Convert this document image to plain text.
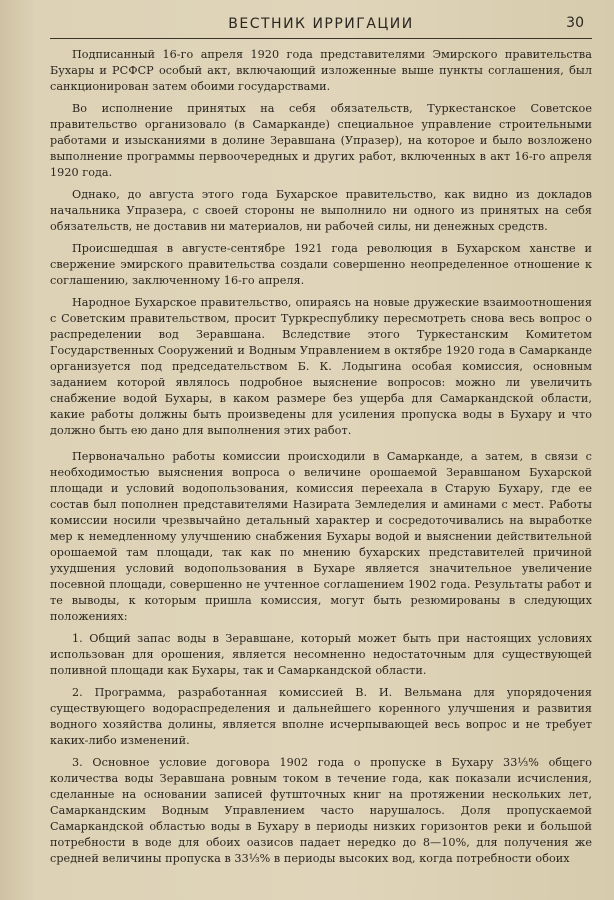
ВЕСТНИК ИРРИГАЦИИ	30

Подписанный 16-го апреля 1920 года представителями Эмирского правительства Бухары и РСФСР особый акт, включающий изложенные выше пункты соглашения, был санкционирован затем обоими государствами.

Во исполнение принятых на себя обязательств, Туркестанское Советское правительство организовало (в Самарканде) специальное управление строительными работами и изысканиями в долине Зеравшана (Упразер), на которое и было возложено выполнение программы первоочередных и других работ, включенных в акт 16-го апреля 1920 года.

Однако, до августа этого года Бухарское правительство, как видно из докладов начальника Упразера, с своей стороны не выполнило ни одного из принятых на себя обязательств, не доставив ни материалов, ни рабочей силы, ни денежных средств.

Происшедшая в августе-сентябре 1921 года революция в Бухарском ханстве и свержение эмирского правительства создали совершенно неопределенное отношение к соглашению, заключенному 16-го апреля.

Народное Бухарское правительство, опираясь на новые дружеские взаимоотношения с Советским правительством, просит Туркреспублику пересмотреть снова весь вопрос о распределении вод Зеравшана. Вследствие этого Туркестанским Комитетом Государственных Сооружений и Водным Управлением в октябре 1920 года в Самарканде организуется под председательством Б. К. Лодыгина особая комиссия, основным заданием которой являлось подробное выяснение вопросов: можно ли увеличить снабжение водой Бухары, в каком размере без ущерба для Самаркандской области, какие работы должны быть произведены для усиления пропуска воды в Бухару и что должно быть ею дано для выполнения этих работ.

Первоначально работы комиссии происходили в Самарканде, а затем, в связи с необходимостью выяснения вопроса о величине орошаемой Зеравшаном Бухарской площади и условий водопользования, комиссия переехала в Старую Бухару, где ее состав был пополнен представителями Назирата Земледелия и аминами с мест. Работы комиссии носили чрезвычайно детальный характер и сосредоточивались на выработке мер к немедленному улучшению снабжения Бухары водой и выяснении действительной орошаемой там площади, так как по мнению бухарских представителей причиной ухудшения условий водопользования в Бухаре является значительное увеличение посевной площади, совершенно не учтенное соглашением 1902 года. Результаты работ и те выводы, к которым пришла комиссия, могут быть резюмированы в следующих положениях:

1. Общий запас воды в Зеравшане, который может быть при настоящих условиях использован для орошения, является несомненно недостаточным для существующей поливной площади как Бухары, так и Самаркандской области.

2. Программа, разработанная комиссией В. И. Вельмана для упорядочения существующего водораспределения и дальнейшего коренного улучшения и развития водного хозяйства долины, является вполне исчерпывающей весь вопрос и не требует каких-либо изменений.

3. Основное условие договора 1902 года о пропуске в Бухару 33⅓% общего количества воды Зеравшана ровным током в течение года, как показали исчисления, сделанные на основании записей футшточных книг на протяжении нескольких лет, Самаркандским Водным Управлением часто нарушалось. Доля пропускаемой Самаркандской областью воды в Бухару в периоды низких горизонтов реки и большой потребности в воде для обоих оазисов падает нередко до 8—10%, для получения же средней величины пропуска в 33⅓% в периоды высоких вод, когда потребности обоих
